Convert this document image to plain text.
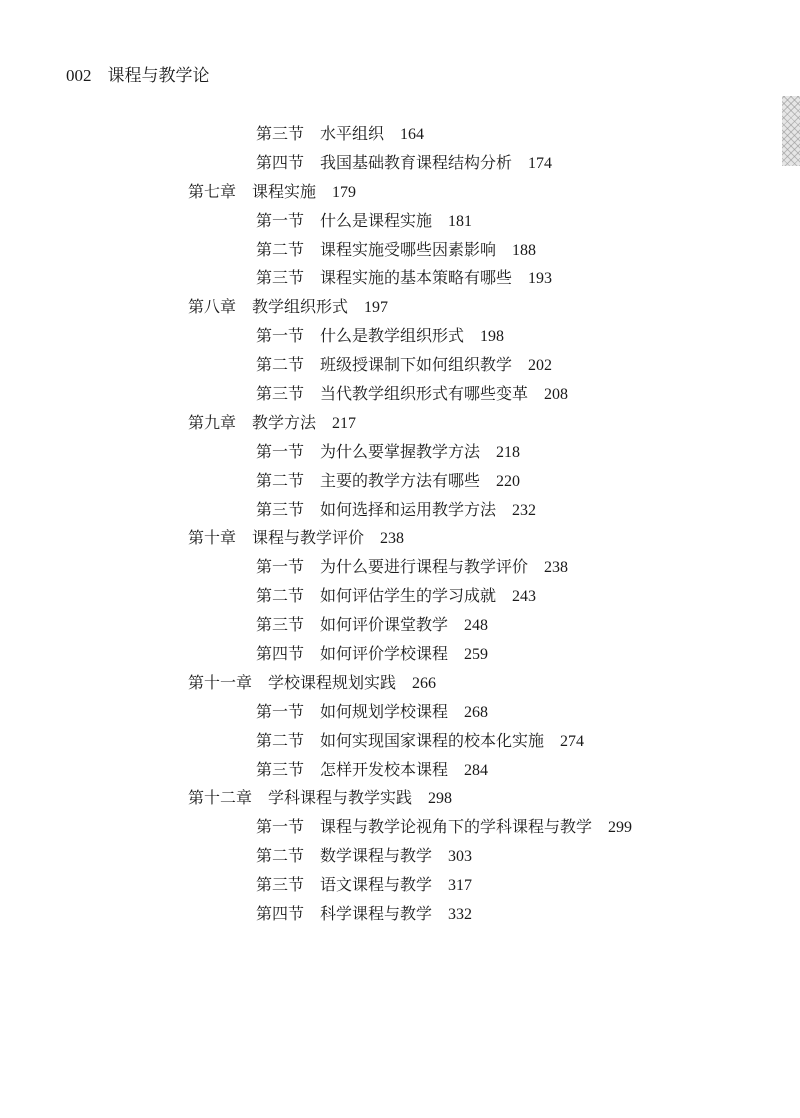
002 课程与教学论
第三节 水平组织 164
第四节 我国基础教育课程结构分析 174
第七章 课程实施 179
第一节 什么是课程实施 181
第二节 课程实施受哪些因素影响 188
第三节 课程实施的基本策略有哪些 193
第八章 教学组织形式 197
第一节 什么是教学组织形式 198
第二节 班级授课制下如何组织教学 202
第三节 当代教学组织形式有哪些变革 208
第九章 教学方法 217
第一节 为什么要掌握教学方法 218
第二节 主要的教学方法有哪些 220
第三节 如何选择和运用教学方法 232
第十章 课程与教学评价 238
第一节 为什么要进行课程与教学评价 238
第二节 如何评估学生的学习成就 243
第三节 如何评价课堂教学 248
第四节 如何评价学校课程 259
第十一章 学校课程规划实践 266
第一节 如何规划学校课程 268
第二节 如何实现国家课程的校本化实施 274
第三节 怎样开发校本课程 284
第十二章 学科课程与教学实践 298
第一节 课程与教学论视角下的学科课程与教学 299
第二节 数学课程与教学 303
第三节 语文课程与教学 317
第四节 科学课程与教学 332
